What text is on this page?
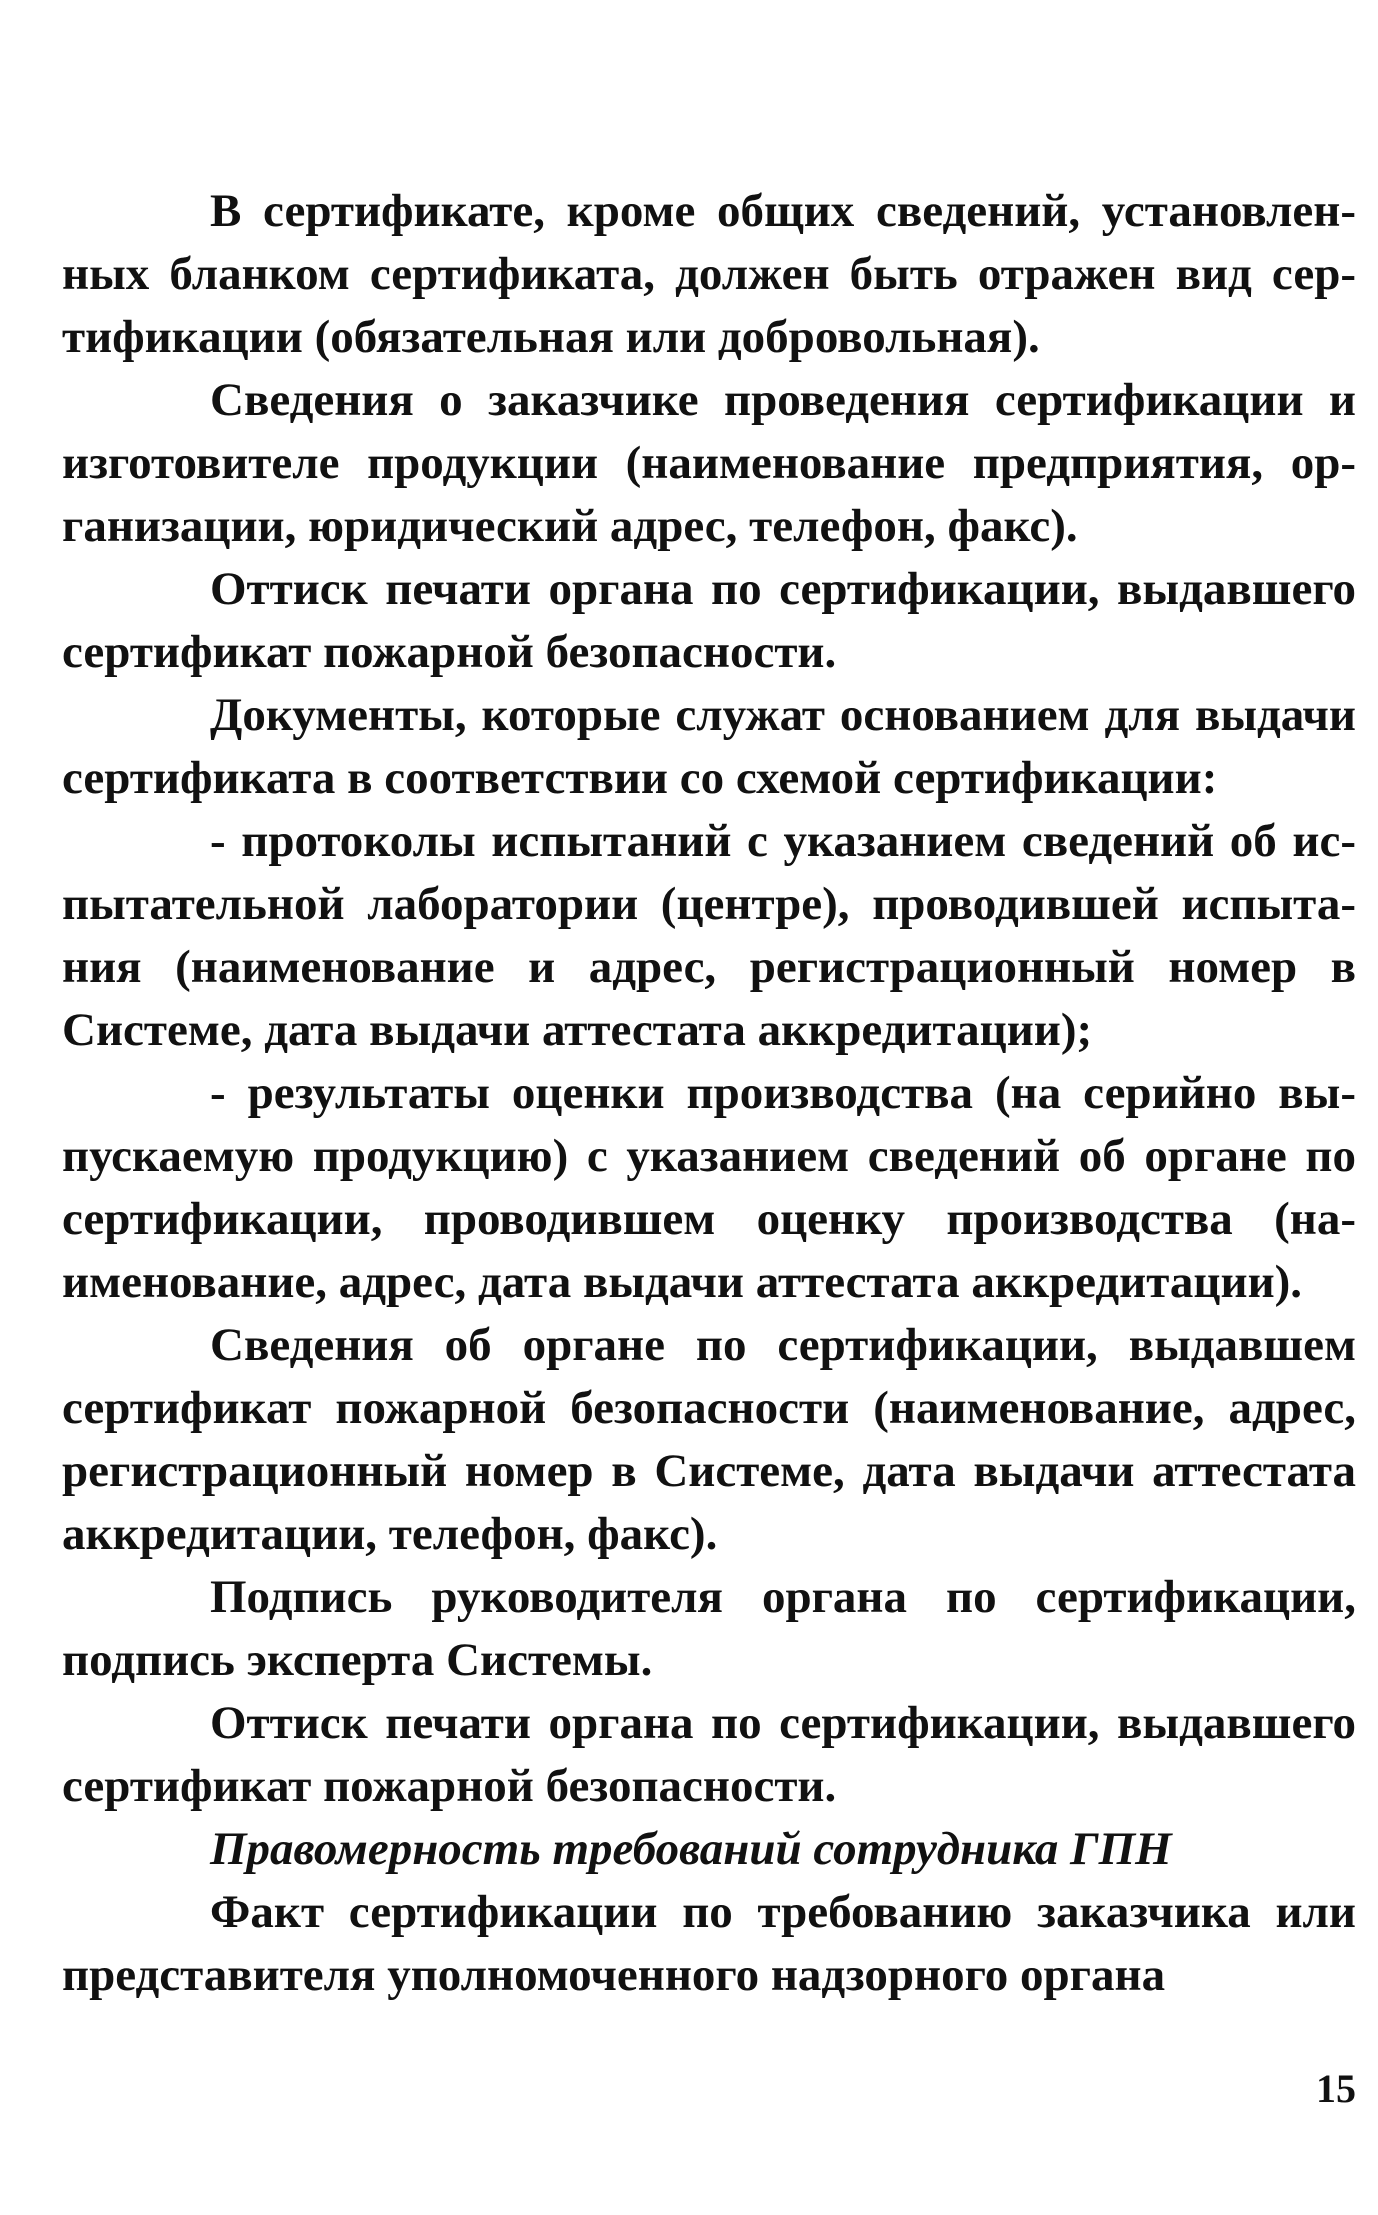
В сертификате, кроме общих сведений, установленных бланком сертификата, должен быть отражен вид сертификации (обязательная или добровольная).

Сведения о заказчике проведения сертификации и изготовителе продукции (наименование предприятия, организации, юридический адрес, телефон, факс).

Оттиск печати органа по сертификации, выдавшего сертификат пожарной безопасности.

Документы, которые служат основанием для выдачи сертификата в соответствии со схемой сертификации:

- протоколы испытаний с указанием сведений об испытательной лаборатории (центре), проводившей испытания (наименование и адрес, регистрационный номер в Системе, дата выдачи аттестата аккредитации);

- результаты оценки производства (на серийно выпускаемую продукцию) с указанием сведений об органе по сертификации, проводившем оценку производства (наименование, адрес, дата выдачи аттестата аккредитации).

Сведения об органе по сертификации, выдавшем сертификат пожарной безопасности (наименование, адрес, регистрационный номер в Системе, дата выдачи аттестата аккредитации, телефон, факс).

Подпись руководителя органа по сертификации, подпись эксперта Системы.

Оттиск печати органа по сертификации, выдавшего сертификат пожарной безопасности.

Правомерность требований сотрудника ГПН

Факт сертификации по требованию заказчика или представителя уполномоченного надзорного органа

15
